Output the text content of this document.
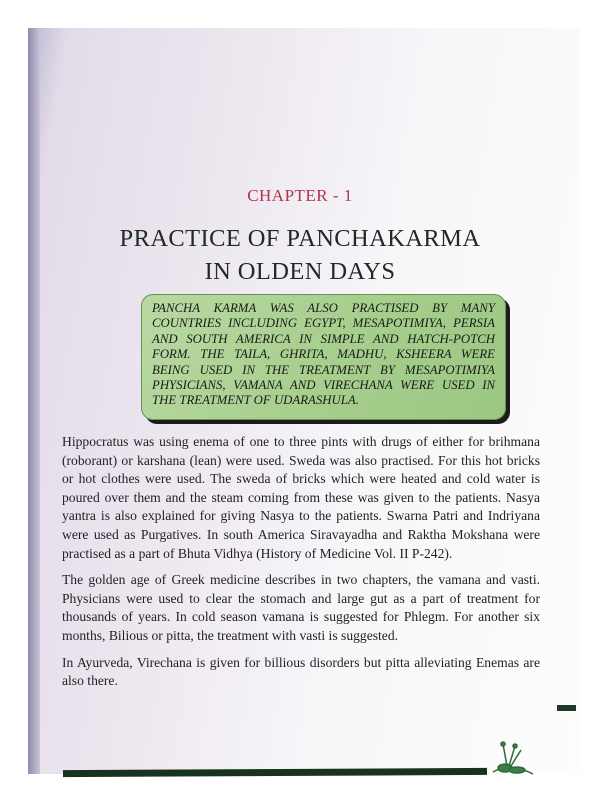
CHAPTER - 1
PRACTICE OF PANCHAKARMA
IN OLDEN DAYS

PANCHA KARMA WAS ALSO PRACTISED BY MANY COUNTRIES INCLUDING EGYPT, MESAPOTIMIYA, PERSIA AND SOUTH AMERICA IN SIMPLE AND HATCH-POTCH FORM. THE TAILA, GHRITA, MADHU, KSHEERA WERE BEING USED IN THE TREATMENT BY MESAPOTIMIYA PHYSICIANS, VAMANA AND VIRECHANA WERE USED IN THE TREATMENT OF UDARASHULA.

Hippocratus was using enema of one to three pints with drugs of either for brihmana (roborant) or karshana (lean) were used. Sweda was also practised. For this hot bricks or hot clothes were used. The sweda of bricks which were heated and cold water is poured over them and the steam coming from these was given to the patients. Nasya yantra is also explained for giving Nasya to the patients. Swarna Patri and Indriyana were used as Purgatives. In south America Siravayadha and Raktha Mokshana were practised as a part of Bhuta Vidhya (History of Medicine Vol. II P-242).

The golden age of Greek medicine describes in two chapters, the vamana and vasti. Physicians were used to clear the stomach and large gut as a part of treatment for thousands of years. In cold season vamana is suggested for Phlegm. For another six months, Bilious or pitta, the treatment with vasti is suggested.

In Ayurveda, Virechana is given for billious disorders but pitta alleviating Enemas are also there.
